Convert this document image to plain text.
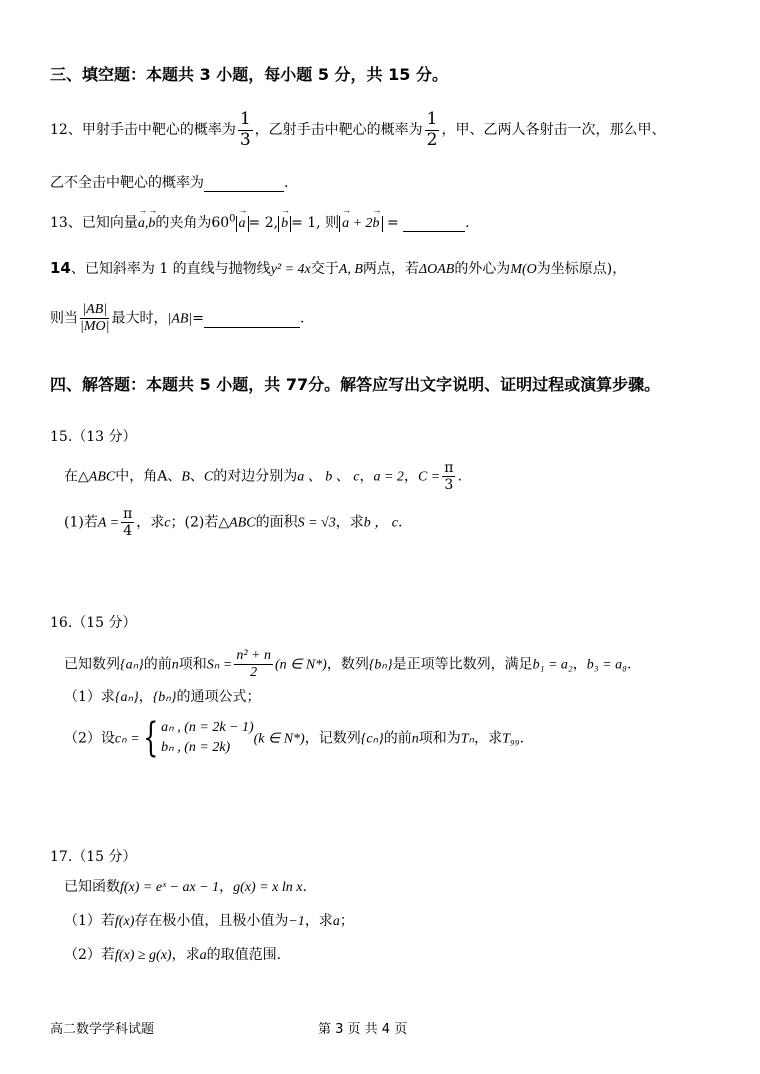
三、填空题：本题共 3 小题，每小题 5 分，共 15 分。
12、甲射手击中靶心的概率为 $\frac{1}{3}$ ，乙射手击中靶心的概率为 $\frac{1}{2}$ ，甲、乙两人各射击一次，那么甲、
乙不全击中靶心的概率为	.
13、已知向量→ a,→ b的夹角为$60^0\to a = 2,\to b = 1$, 则→ a + 2→ b =	.
14、已知斜率为 1 的直线与抛物线y² = 4x交于A, B两点，若ΔOAB的外心为M(O为坐标原点)，
则当 $\frac{|AB|}{|MO|}$ 最大时，|AB|=	.
四、解答题：本题共 5 小题，共 77分。解答应写出文字说明、证明过程或演算步骤。
15.（13 分）
在△ABC中，角A、B、C的对边分别为a 、 b 、 c，a = 2，$C = \frac{\pi}{3}$ .
(1)若$A = \frac{\pi}{4}$ ，求c；(2)若△ABC的面积S = √3，求b ， c.
16.（15 分）
已知数列{aₙ}的前n项和$S_n = \frac{\text{n² + n}}{2} (n$ ∈ N*)，数列{bₙ}是正项等比数列，满足b₁ = a₂，b₃ = a₈.
（1）求{aₙ}，{bₙ}的通项公式；
（2）设cₙ = { aₙ , (n = 2k − 1)
bₙ , (n = 2k)
(k ∈ N*)，记数列{cₙ}的前n项和为Tₙ，求T₉₉.
17.（15 分）
已知函数f(x) = eˣ − ax − 1，g(x) = x ln x.
（1）若f(x)存在极小值，且极小值为−1，求a；
（2）若f(x) ≥ g(x)，求a的取值范围.
高二数学学科试题	第 3 页 共 4 页
